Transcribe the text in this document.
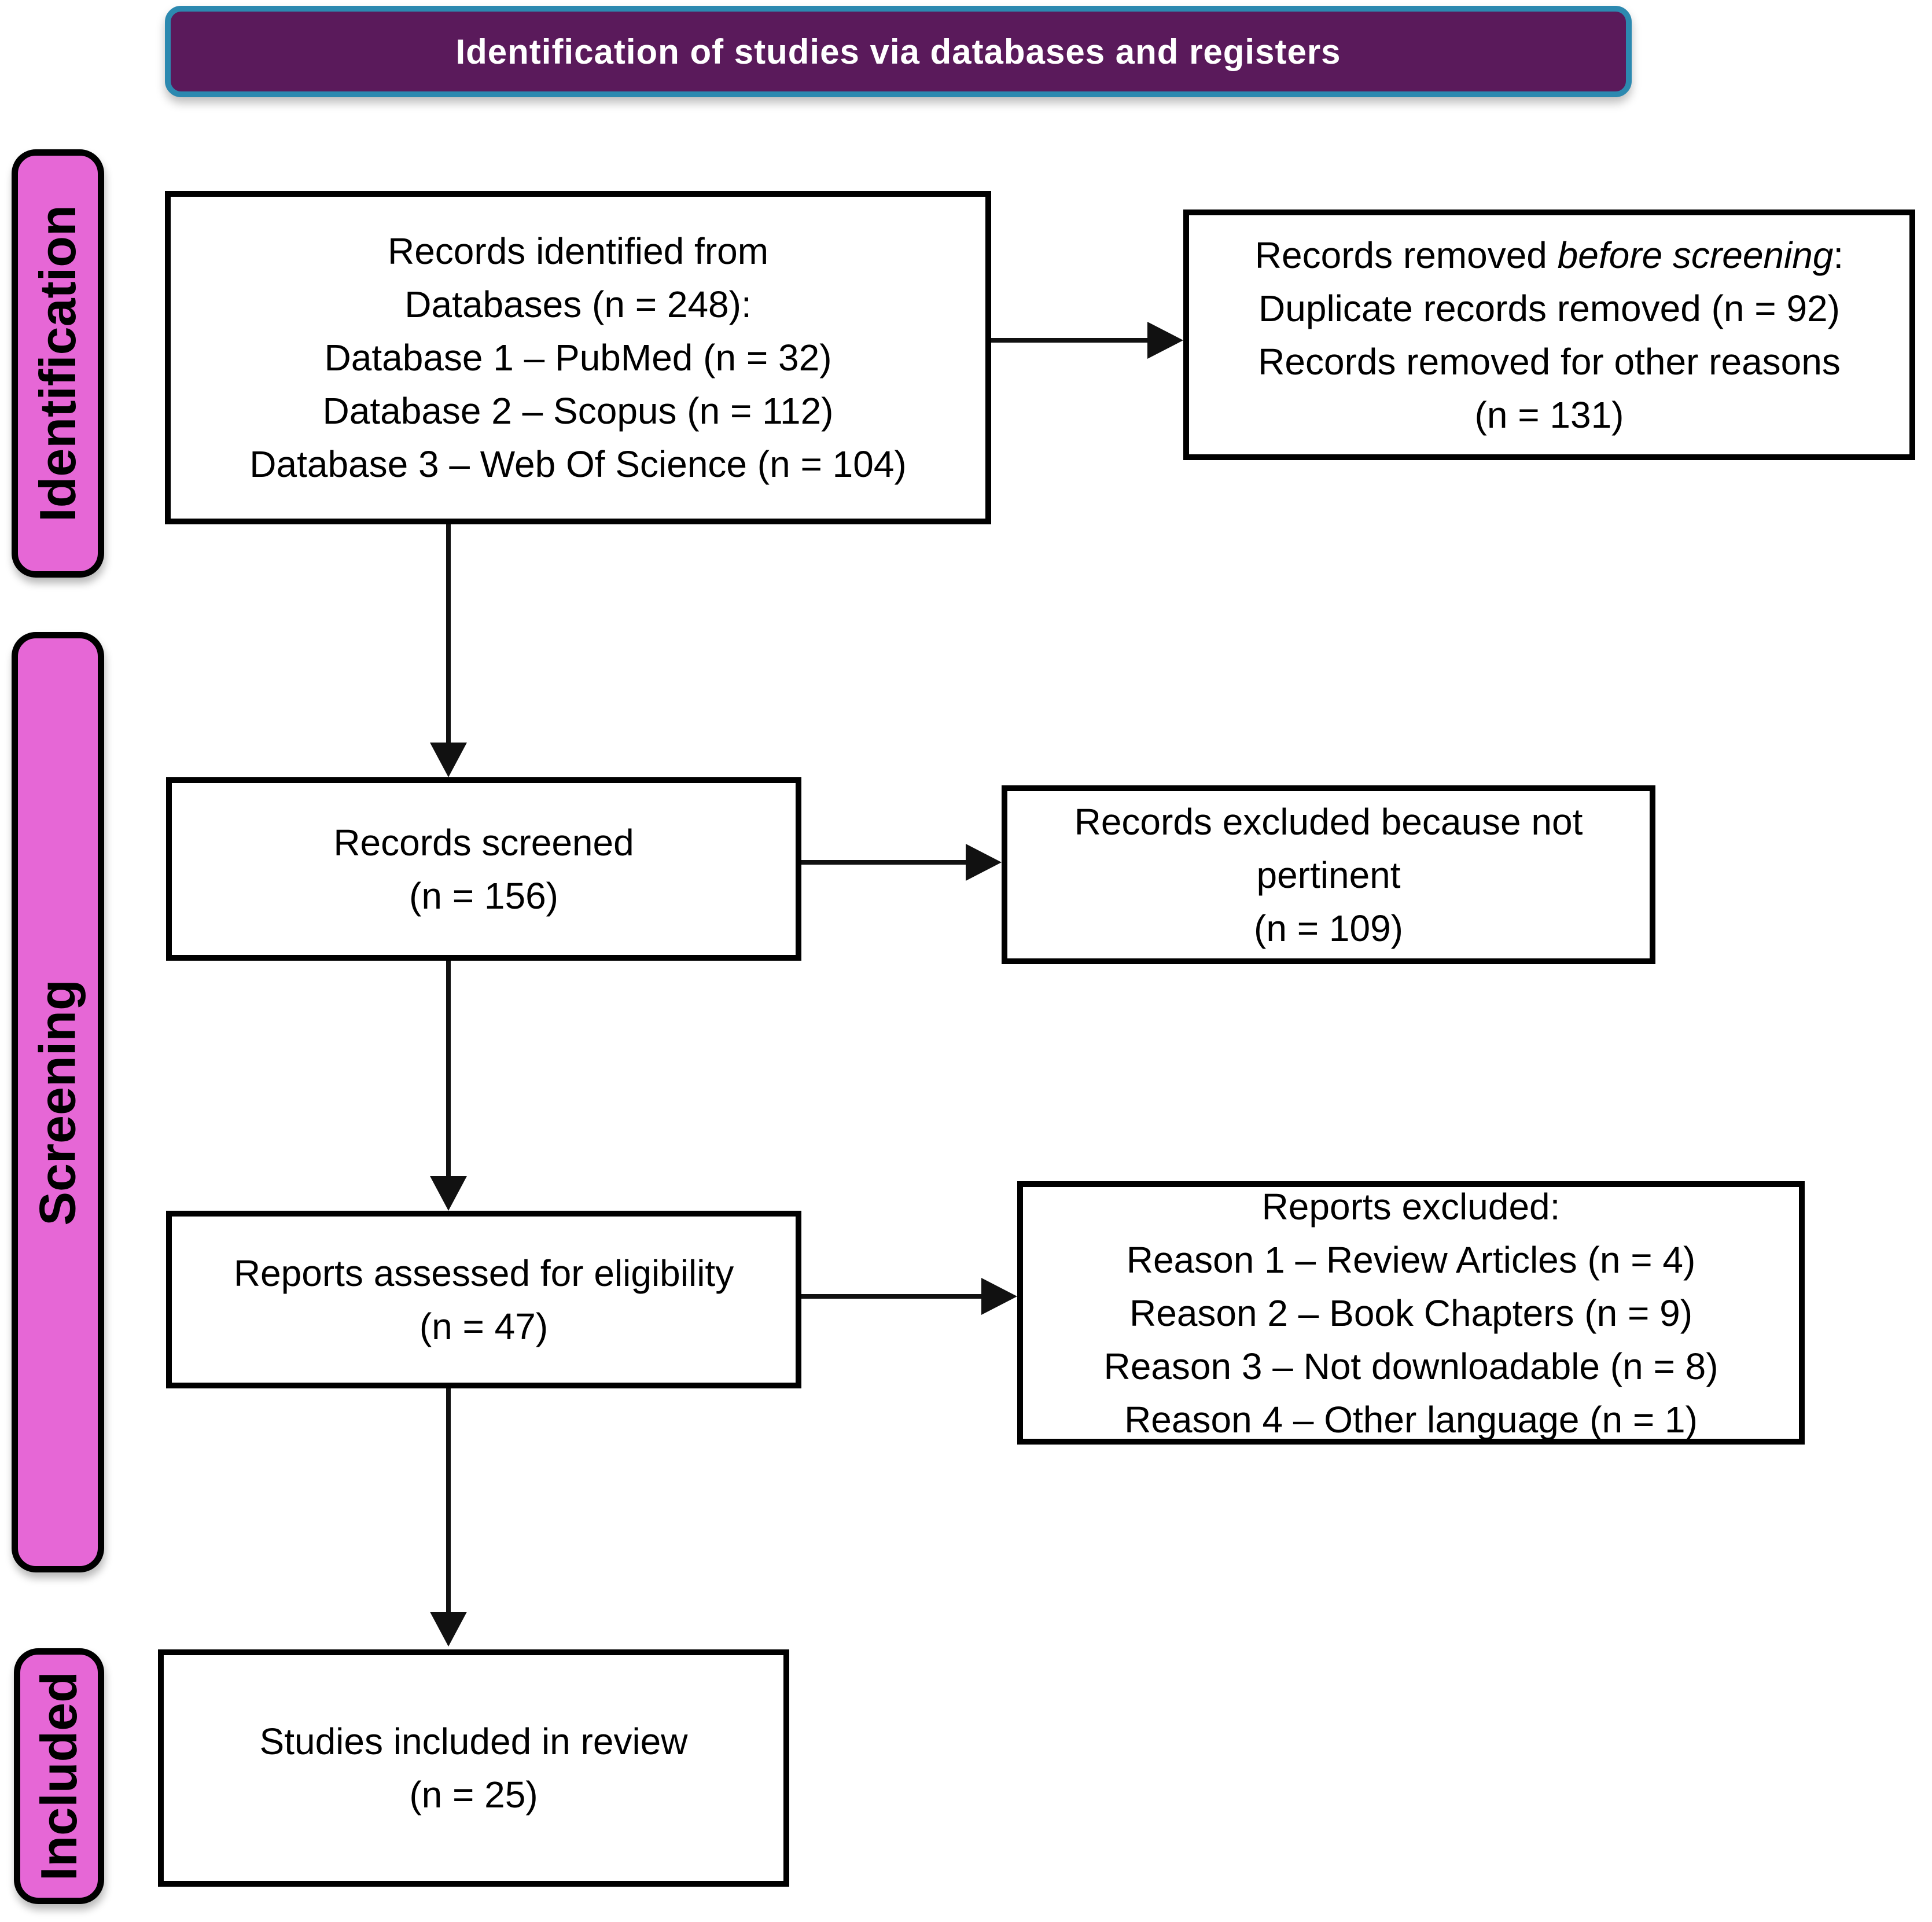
Identification of studies via databases and registers
Identification
Screening
Included
Records identified from
Databases (n = 248):
Database 1 – PubMed (n = 32)
Database 2 – Scopus (n = 112)
Database 3 – Web Of Science (n = 104)
Records removed before screening:
Duplicate records removed (n = 92)
Records removed for other reasons
(n = 131)
Records screened
(n = 156)
Records excluded because not
pertinent
(n = 109)
Reports assessed for eligibility
(n = 47)
Reports excluded:
Reason 1 – Review Articles (n = 4)
Reason 2 – Book Chapters (n = 9)
Reason 3 – Not downloadable (n = 8)
Reason 4 – Other language (n = 1)
Studies included in review
(n = 25)
